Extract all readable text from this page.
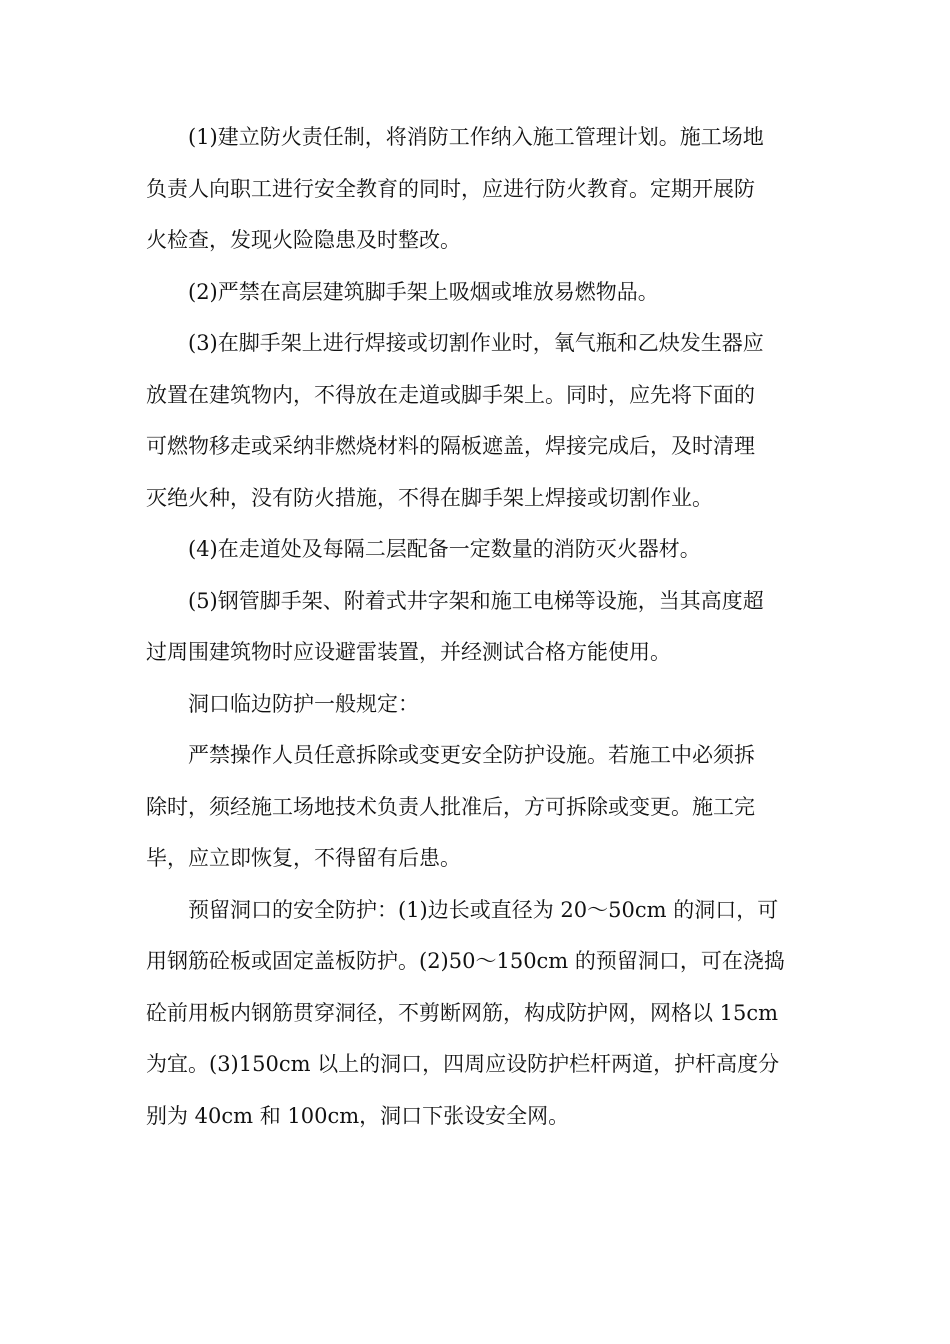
(1)建立防火责任制，将消防工作纳入施工管理计划。施工场地

负责人向职工进行安全教育的同时，应进行防火教育。定期开展防

火检查，发现火险隐患及时整改。

(2)严禁在高层建筑脚手架上吸烟或堆放易燃物品。

(3)在脚手架上进行焊接或切割作业时，氧气瓶和乙炔发生器应

放置在建筑物内，不得放在走道或脚手架上。同时，应先将下面的

可燃物移走或采纳非燃烧材料的隔板遮盖，焊接完成后，及时清理

灭绝火种，没有防火措施，不得在脚手架上焊接或切割作业。

(4)在走道处及每隔二层配备一定数量的消防灭火器材。

(5)钢管脚手架、附着式井字架和施工电梯等设施，当其高度超

过周围建筑物时应设避雷装置，并经测试合格方能使用。

洞口临边防护一般规定：

严禁操作人员任意拆除或变更安全防护设施。若施工中必须拆

除时，须经施工场地技术负责人批准后，方可拆除或变更。施工完

毕，应立即恢复，不得留有后患。

预留洞口的安全防护：(1)边长或直径为 20～50cm 的洞口，可

用钢筋砼板或固定盖板防护。(2)50～150cm 的预留洞口，可在浇捣

砼前用板内钢筋贯穿洞径，不剪断网筋，构成防护网，网格以 15cm

为宜。(3)150cm 以上的洞口，四周应设防护栏杆两道，护杆高度分

别为 40cm 和 100cm，洞口下张设安全网。
